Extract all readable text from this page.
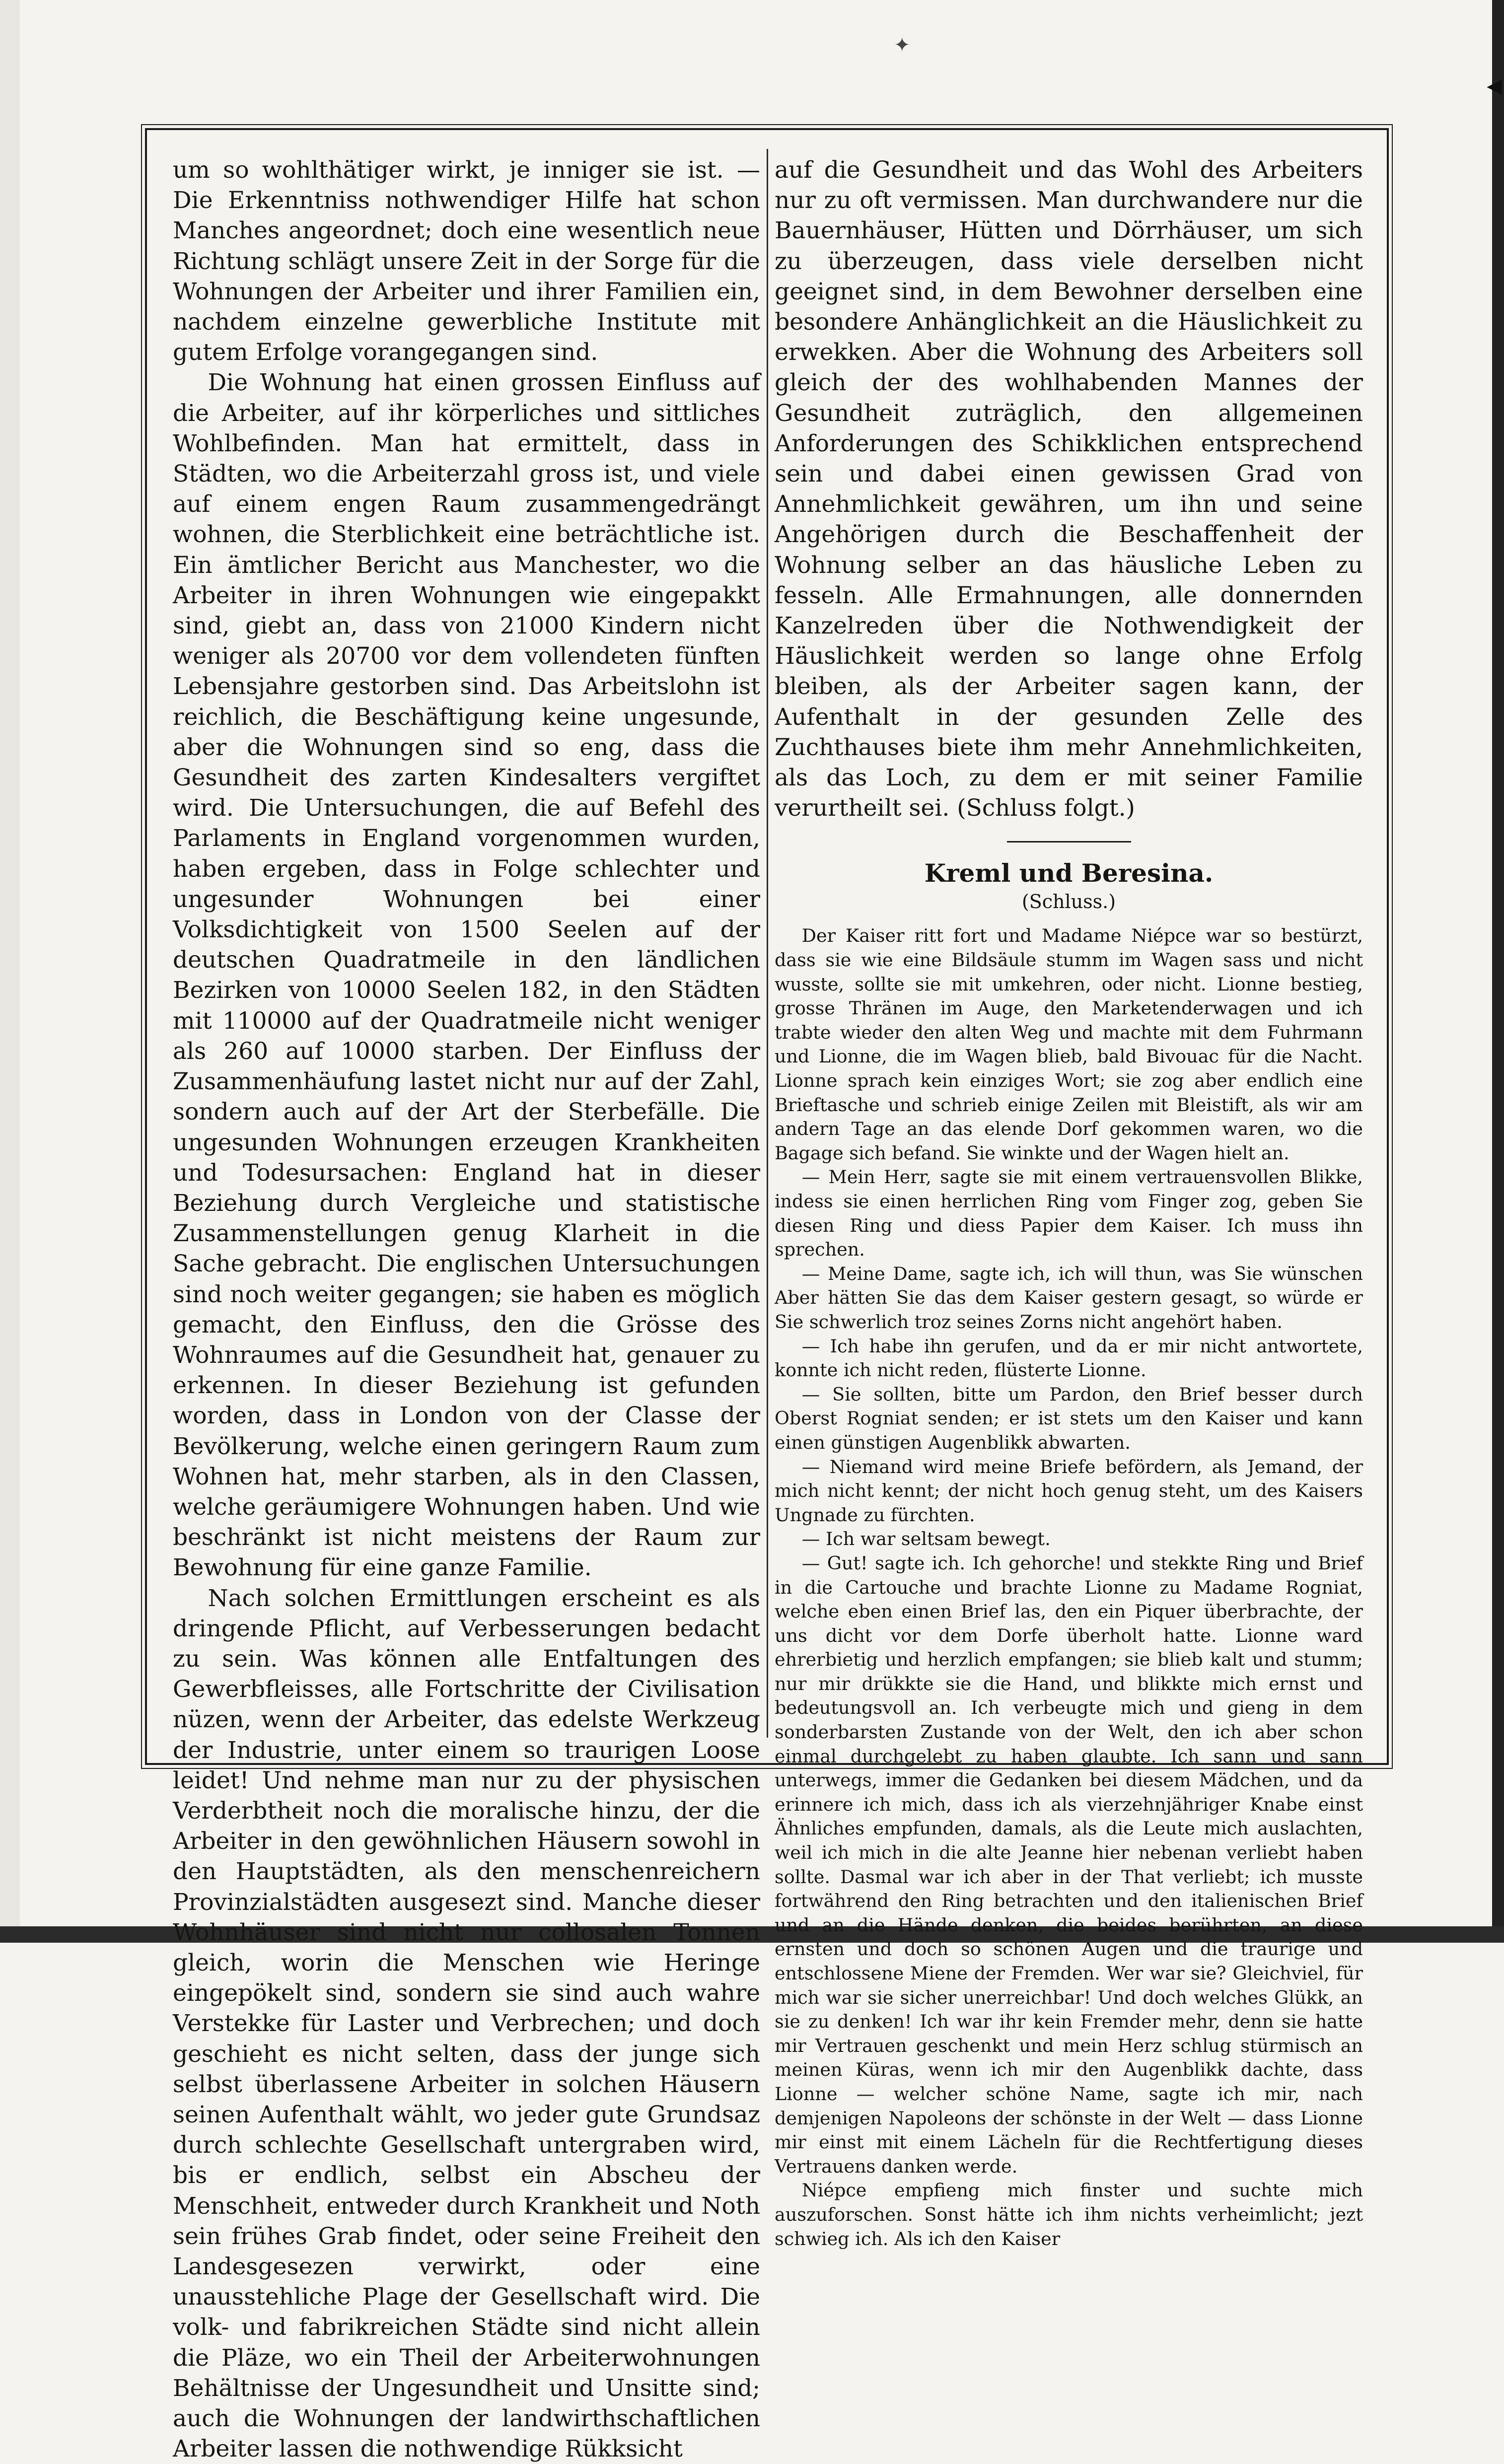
✦
◀

um so wohlthätiger wirkt, je inniger sie ist. — Die Erkenntniss nothwendiger Hilfe hat schon Manches angeordnet; doch eine wesentlich neue Richtung schlägt unsere Zeit in der Sorge für die Wohnungen der Arbeiter und ihrer Familien ein, nachdem einzelne gewerbliche Institute mit gutem Erfolge vorangegangen sind.

Die Wohnung hat einen grossen Einfluss auf die Arbeiter, auf ihr körperliches und sittliches Wohlbefinden. Man hat ermittelt, dass in Städten, wo die Arbeiterzahl gross ist, und viele auf einem engen Raum zusammengedrängt wohnen, die Sterblichkeit eine beträchtliche ist. Ein ämtlicher Bericht aus Manchester, wo die Arbeiter in ihren Wohnungen wie eingepakkt sind, giebt an, dass von 21000 Kindern nicht weniger als 20700 vor dem vollendeten fünften Lebensjahre gestorben sind. Das Arbeitslohn ist reichlich, die Beschäftigung keine ungesunde, aber die Wohnungen sind so eng, dass die Gesundheit des zarten Kindesalters vergiftet wird. Die Untersuchungen, die auf Befehl des Parlaments in England vorgenommen wurden, haben ergeben, dass in Folge schlechter und ungesunder Wohnungen bei einer Volksdichtigkeit von 1500 Seelen auf der deutschen Quadratmeile in den ländlichen Bezirken von 10000 Seelen 182, in den Städten mit 110000 auf der Quadratmeile nicht weniger als 260 auf 10000 starben. Der Einfluss der Zusammenhäufung lastet nicht nur auf der Zahl, sondern auch auf der Art der Sterbefälle. Die ungesunden Wohnungen erzeugen Krankheiten und Todesursachen: England hat in dieser Beziehung durch Vergleiche und statistische Zusammenstellungen genug Klarheit in die Sache gebracht. Die englischen Untersuchungen sind noch weiter gegangen; sie haben es möglich gemacht, den Einfluss, den die Grösse des Wohnraumes auf die Gesundheit hat, genauer zu erkennen. In dieser Beziehung ist gefunden worden, dass in London von der Classe der Bevölkerung, welche einen geringern Raum zum Wohnen hat, mehr starben, als in den Classen, welche geräumigere Wohnungen haben. Und wie beschränkt ist nicht meistens der Raum zur Bewohnung für eine ganze Familie.

Nach solchen Ermittlungen erscheint es als dringende Pflicht, auf Verbesserungen bedacht zu sein. Was können alle Entfaltungen des Gewerbfleisses, alle Fortschritte der Civilisation nüzen, wenn der Arbeiter, das edelste Werkzeug der Industrie, unter einem so traurigen Loose leidet! Und nehme man nur zu der physischen Verderbtheit noch die moralische hinzu, der die Arbeiter in den gewöhnlichen Häusern sowohl in den Hauptstädten, als den menschenreichern Provinzialstädten ausgesezt sind. Manche dieser Wohnhäuser sind nicht nur collosalen Tonnen gleich, worin die Menschen wie Heringe eingepökelt sind, sondern sie sind auch wahre Verstekke für Laster und Verbrechen; und doch geschieht es nicht selten, dass der junge sich selbst überlassene Arbeiter in solchen Häusern seinen Aufenthalt wählt, wo jeder gute Grundsaz durch schlechte Gesellschaft untergraben wird, bis er endlich, selbst ein Abscheu der Menschheit, entweder durch Krankheit und Noth sein frühes Grab findet, oder seine Freiheit den Landesgesezen verwirkt, oder eine unausstehliche Plage der Gesellschaft wird. Die volk- und fabrikreichen Städte sind nicht allein die Pläze, wo ein Theil der Arbeiterwohnungen Behältnisse der Ungesundheit und Unsitte sind; auch die Wohnungen der landwirthschaftlichen Arbeiter lassen die nothwendige Rükksicht

auf die Gesundheit und das Wohl des Arbeiters nur zu oft vermissen. Man durchwandere nur die Bauernhäuser, Hütten und Dörrhäuser, um sich zu überzeugen, dass viele derselben nicht geeignet sind, in dem Bewohner derselben eine besondere Anhänglichkeit an die Häuslichkeit zu erwekken. Aber die Wohnung des Arbeiters soll gleich der des wohlhabenden Mannes der Gesundheit zuträglich, den allgemeinen Anforderungen des Schikklichen entsprechend sein und dabei einen gewissen Grad von Annehmlichkeit gewähren, um ihn und seine Angehörigen durch die Beschaffenheit der Wohnung selber an das häusliche Leben zu fesseln. Alle Ermahnungen, alle donnernden Kanzelreden über die Nothwendigkeit der Häuslichkeit werden so lange ohne Erfolg bleiben, als der Arbeiter sagen kann, der Aufenthalt in der gesunden Zelle des Zuchthauses biete ihm mehr Annehmlichkeiten, als das Loch, zu dem er mit seiner Familie verurtheilt sei. (Schluss folgt.)

Kreml und Beresina.

(Schluss.)

Der Kaiser ritt fort und Madame Niépce war so bestürzt, dass sie wie eine Bildsäule stumm im Wagen sass und nicht wusste, sollte sie mit umkehren, oder nicht. Lionne bestieg, grosse Thränen im Auge, den Marketenderwagen und ich trabte wieder den alten Weg und machte mit dem Fuhrmann und Lionne, die im Wagen blieb, bald Bivouac für die Nacht. Lionne sprach kein einziges Wort; sie zog aber endlich eine Brieftasche und schrieb einige Zeilen mit Bleistift, als wir am andern Tage an das elende Dorf gekommen waren, wo die Bagage sich befand. Sie winkte und der Wagen hielt an.

— Mein Herr, sagte sie mit einem vertrauensvollen Blikke, indess sie einen herrlichen Ring vom Finger zog, geben Sie diesen Ring und diess Papier dem Kaiser. Ich muss ihn sprechen.

— Meine Dame, sagte ich, ich will thun, was Sie wünschen Aber hätten Sie das dem Kaiser gestern gesagt, so würde er Sie schwerlich troz seines Zorns nicht angehört haben.

— Ich habe ihn gerufen, und da er mir nicht antwortete, konnte ich nicht reden, flüsterte Lionne.

— Sie sollten, bitte um Pardon, den Brief besser durch Oberst Rogniat senden; er ist stets um den Kaiser und kann einen günstigen Augenblikk abwarten.

— Niemand wird meine Briefe befördern, als Jemand, der mich nicht kennt; der nicht hoch genug steht, um des Kaisers Ungnade zu fürchten.

— Ich war seltsam bewegt.

— Gut! sagte ich. Ich gehorche! und stekkte Ring und Brief in die Cartouche und brachte Lionne zu Madame Rogniat, welche eben einen Brief las, den ein Piquer überbrachte, der uns dicht vor dem Dorfe überholt hatte. Lionne ward ehrerbietig und herzlich empfangen; sie blieb kalt und stumm; nur mir drükkte sie die Hand, und blikkte mich ernst und bedeutungsvoll an. Ich verbeugte mich und gieng in dem sonderbarsten Zustande von der Welt, den ich aber schon einmal durchgelebt zu haben glaubte. Ich sann und sann unterwegs, immer die Gedanken bei diesem Mädchen, und da erinnere ich mich, dass ich als vierzehnjähriger Knabe einst Ähnliches empfunden, damals, als die Leute mich auslachten, weil ich mich in die alte Jeanne hier nebenan verliebt haben sollte. Dasmal war ich aber in der That verliebt; ich musste fortwährend den Ring betrachten und den italienischen Brief und an die Hände denken, die beides berührten, an diese ernsten und doch so schönen Augen und die traurige und entschlossene Miene der Fremden. Wer war sie? Gleichviel, für mich war sie sicher unerreichbar! Und doch welches Glükk, an sie zu denken! Ich war ihr kein Fremder mehr, denn sie hatte mir Vertrauen geschenkt und mein Herz schlug stürmisch an meinen Küras, wenn ich mir den Augenblikk dachte, dass Lionne — welcher schöne Name, sagte ich mir, nach demjenigen Napoleons der schönste in der Welt — dass Lionne mir einst mit einem Lächeln für die Rechtfertigung dieses Vertrauens danken werde.

Niépce empfieng mich finster und suchte mich auszuforschen. Sonst hätte ich ihm nichts verheimlicht; jezt schwieg ich. Als ich den Kaiser
